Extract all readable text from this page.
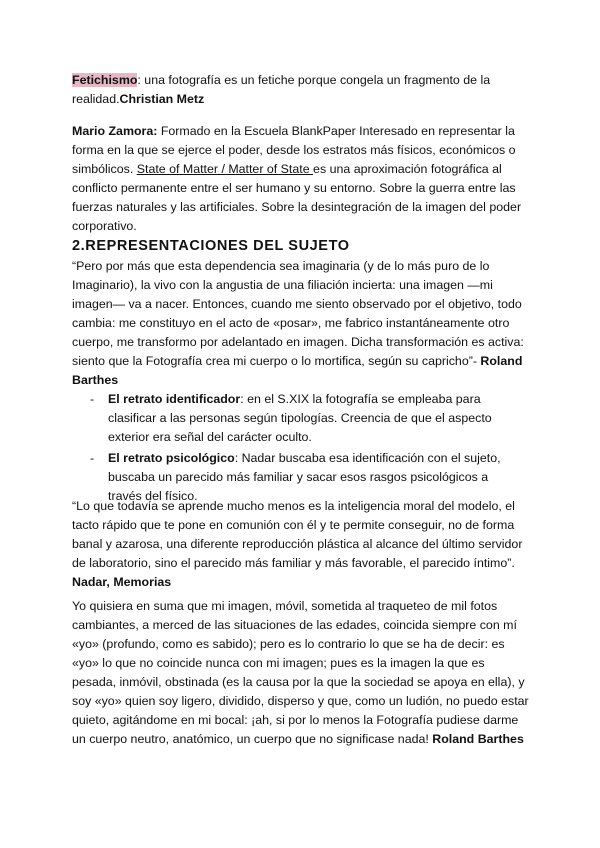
Fetichismo: una fotografía es un fetiche porque congela un fragmento de la realidad.Christian Metz

Mario Zamora: Formado en la Escuela BlankPaper Interesado en representar la forma en la que se ejerce el poder, desde los estratos más físicos, económicos o simbólicos. State of Matter / Matter of State es una aproximación fotográfica al conflicto permanente entre el ser humano y su entorno. Sobre la guerra entre las fuerzas naturales y las artificiales. Sobre la desintegración de la imagen del poder corporativo.

2.REPRESENTACIONES DEL SUJETO

“Pero por más que esta dependencia sea imaginaria (y de lo más puro de lo Imaginario), la vivo con la angustia de una filiación incierta: una imagen —mi imagen— va a nacer. Entonces, cuando me siento observado por el objetivo, todo cambia: me constituyo en el acto de «posar», me fabrico instantáneamente otro cuerpo, me transformo por adelantado en imagen. Dicha transformación es activa: siento que la Fotografía crea mi cuerpo o lo mortifica, según su capricho”- Roland Barthes

- El retrato identificador: en el S.XIX la fotografía se empleaba para clasificar a las personas según tipologías. Creencia de que el aspecto exterior era señal del carácter oculto.

- El retrato psicológico: Nadar buscaba esa identificación con el sujeto, buscaba un parecido más familiar y sacar esos rasgos psicológicos a través del físico.

“Lo que todavía se aprende mucho menos es la inteligencia moral del modelo, el tacto rápido que te pone en comunión con él y te permite conseguir, no de forma banal y azarosa, una diferente reproducción plástica al alcance del último servidor de laboratorio, sino el parecido más familiar y más favorable, el parecido íntimo”.
Nadar, Memorias

Yo quisiera en suma que mi imagen, móvil, sometida al traqueteo de mil fotos cambiantes, a merced de las situaciones de las edades, coincida siempre con mí «yo» (profundo, como es sabido); pero es lo contrario lo que se ha de decir: es «yo» lo que no coincide nunca con mi imagen; pues es la imagen la que es pesada, inmóvil, obstinada (es la causa por la que la sociedad se apoya en ella), y soy «yo» quien soy ligero, dividido, disperso y que, como un ludión, no puedo estar quieto, agitándome en mi bocal: ¡ah, si por lo menos la Fotografía pudiese darme un cuerpo neutro, anatómico, un cuerpo que no significase nada! Roland Barthes
